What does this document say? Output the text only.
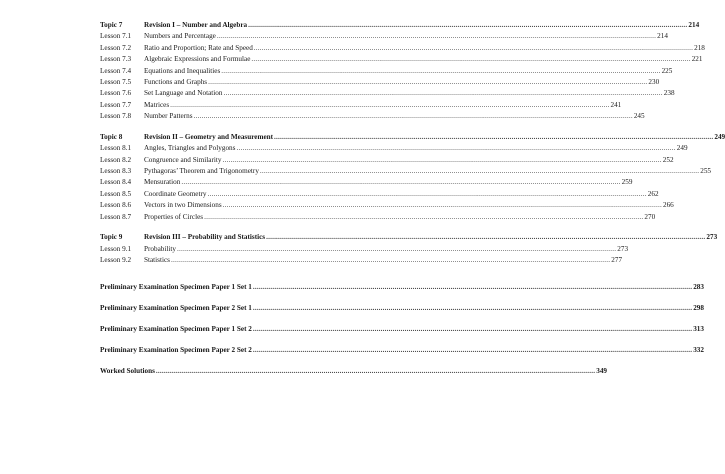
Topic 7	Revision I – Number and Algebra ............................................................................................................................................................................................................................ 214
Lesson 7.1 Numbers and Percentage ............................................................................................................................................................................................................................ 214
Lesson 7.2 Ratio and Proportion; Rate and Speed ............................................................................................................................................................................................................................ 218
Lesson 7.3 Algebraic Expressions and Formulae ............................................................................................................................................................................................................................ 221
Lesson 7.4 Equations and Inequalities ............................................................................................................................................................................................................................ 225
Lesson 7.5 Functions and Graphs ............................................................................................................................................................................................................................ 230
Lesson 7.6 Set Language and Notation ............................................................................................................................................................................................................................ 238
Lesson 7.7 Matrices ............................................................................................................................................................................................................................ 241
Lesson 7.8 Number Patterns ............................................................................................................................................................................................................................ 245
Topic 8	Revision II – Geometry and Measurement ............................................................................................................................................................................................................................ 249
Lesson 8.1 Angles, Triangles and Polygons ............................................................................................................................................................................................................................ 249
Lesson 8.2 Congruence and Similarity ............................................................................................................................................................................................................................ 252
Lesson 8.3 Pythagoras’ Theorem and Trigonometry ............................................................................................................................................................................................................................ 255
Lesson 8.4 Mensuration ............................................................................................................................................................................................................................ 259
Lesson 8.5 Coordinate Geometry ............................................................................................................................................................................................................................ 262
Lesson 8.6 Vectors in two Dimensions ............................................................................................................................................................................................................................ 266
Lesson 8.7 Properties of Circles ............................................................................................................................................................................................................................ 270
Topic 9	Revision III – Probability and Statistics ............................................................................................................................................................................................................................ 273
Lesson 9.1 Probability ............................................................................................................................................................................................................................ 273
Lesson 9.2 Statistics ............................................................................................................................................................................................................................ 277
Preliminary Examination Specimen Paper 1 Set 1 ............................................................................................................................................................................................................................ 283
Preliminary Examination Specimen Paper 2 Set 1 ............................................................................................................................................................................................................................ 298
Preliminary Examination Specimen Paper 1 Set 2 ............................................................................................................................................................................................................................ 313
Preliminary Examination Specimen Paper 2 Set 2 ............................................................................................................................................................................................................................ 332
Worked Solutions ............................................................................................................................................................................................................................ 349
